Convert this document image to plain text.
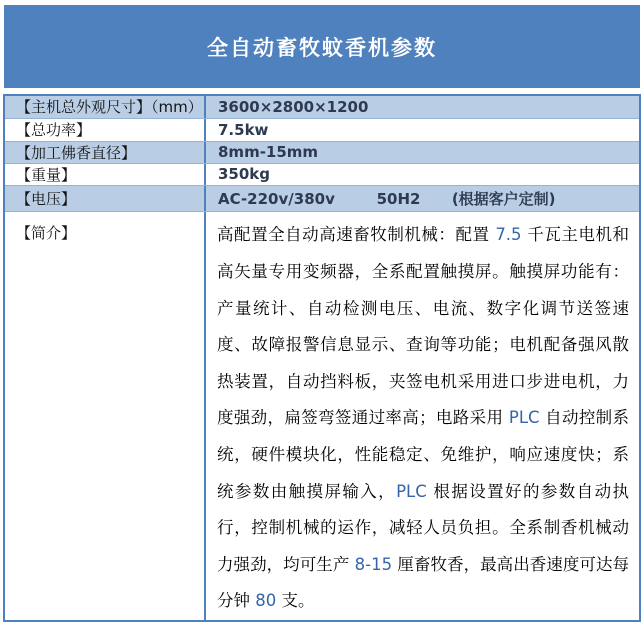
全自动畜牧蚊香机参数
【主机总外观尺寸】（mm）	3600×2800×1200
【总功率】	7.5kw
【加工佛香直径】	8mm-15mm
【重量】	350kg
【电压】	AC-220v/380v        50H2      (根据客户定制)
【简介】	高配置全自动高速畜牧制机械：配置 7.5 千瓦主电机和高矢量专用变频器，全系配置触摸屏。触摸屏功能有：产量统计、自动检测电压、电流、数字化调节送签速度、故障报警信息显示、查询等功能；电机配备强风散热装置，自动挡料板，夹签电机采用进口步进电机，力度强劲，扁签弯签通过率高；电路采用 PLC 自动控制系统，硬件模块化，性能稳定、免维护，响应速度快；系统参数由触摸屏输入，PLC 根据设置好的参数自动执行，控制机械的运作，减轻人员负担。全系制香机械动力强劲，均可生产 8-15 厘畜牧香，最高出香速度可达每分钟 80 支。
